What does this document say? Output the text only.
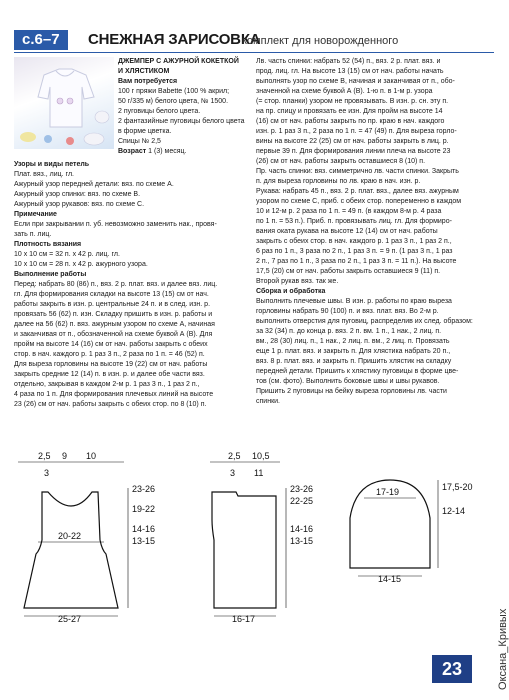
с.6–7	СНЕЖНАЯ ЗАРИСОВКА
комплект для новорожденного

ДЖЕМПЕР С АЖУРНОЙ КОКЕТКОЙ

И ХЛЯСТИКОМ

Вам потребуется

100 г пряжи Babette (100 % акрил;

50 г/335 м) белого цвета, № 1500.

2 пуговицы белого цвета.

2 фантазийные пуговицы белого цвета

в форме цветка.

Спицы № 2,5

Возраст 1 (3) месяц.

Узоры и виды петель

Плат. вяз., лиц. гл.

Ажурный узор передней детали: вяз. по схеме А.

Ажурный узор спинки: вяз. по схеме В.

Ажурный узор рукавов: вяз. по схеме С.

Примечание

Если при закрывании п. уб. невозможно заменить нак., провя-

зать п. лиц.

Плотность вязания

10 х 10 см = 32 п. х 42 р. лиц. гл.

10 х 10 см = 28 п. х 42 р. ажурного узора.

Выполнение работы

Перед: набрать 80 (86) п., вяз. 2 р. плат. вяз. и далее вяз. лиц.

гл. Для формирования складки на высоте 13 (15) см от нач.

работы закрыть в изн. р. центральные 24 п. и в след. изн. р.

провязать 56 (62) п. изн. Складку пришить в изн. р. работы и

далее на 56 (62) п. вяз. ажурным узором по схеме А, начиная

и заканчивая от п., обозначенной на схеме буквой А (В). Для

пройм на высоте 14 (16) см от нач. работы закрыть с обеих

стор. в нач. каждого р. 1 раз 3 п., 2 раза по 1 п. = 46 (52) п.

Для выреза горловины на высоте 19 (22) см от нач. работы

закрыть средние 12 (14) п. в изн. р. и далее обе части вяз.

отдельно, закрывая в каждом 2-м р. 1 раз 3 п., 1 раз 2 п.,

4 раза по 1 п. Для формирования плечевых линий на высоте

23 (26) см от нач. работы закрыть с обеих стор. по 8 (10) п.

Лв. часть спинки: набрать 52 (54) п., вяз. 2 р. плат. вяз. и

прод. лиц. гл. На высоте 13 (15) см от нач. работы начать

выполнять узор по схеме В, начиная и заканчивая от п., обо-

значенной на схеме буквой А (В). 1-ю п. в 1-м р. узора

(= стор. планки) узором не провязывать. В изн. р. сн. эту п.

на пр. спицу и провязать ее изн. Для пройм на высоте 14

(16) см от нач. работы закрыть по пр. краю в нач. каждого

изн. р. 1 раз 3 п., 2 раза по 1 п. = 47 (49) п. Для выреза горло-

вины на высоте 22 (25) см от нач. работы закрыть в лиц. р.

первые 39 п. Для формирования линии плеча на высоте 23

(26) см от нач. работы закрыть оставшиеся 8 (10) п.

Пр. часть спинки: вяз. симметрично лв. части спинки. Закрыть

п. для выреза горловины по лв. краю в нач. изн. р.

Рукава: набрать 45 п., вяз. 2 р. плат. вяз., далее вяз. ажурным

узором по схеме С, приб. с обеих стор. попеременно в каждом

10 и 12-м р. 2 раза по 1 п. = 49 п. (в каждом 8-м р. 4 раза

по 1 п. = 53 п.). Приб. п. провязывать лиц. гл. Для формиро-

вания оката рукава на высоте 12 (14) см от нач. работы

закрыть с обеих стор. в нач. каждого р. 1 раз 3 п., 1 раз 2 п.,

6 раз по 1 п., 3 раза по 2 п., 1 раз 3 п. = 9 п. (1 раз 3 п., 1 раз

2 п., 7 раз по 1 п., 3 раза по 2 п., 1 раз 3 п. = 11 п.). На высоте

17,5 (20) см от нач. работы закрыть оставшиеся 9 (11) п.

Второй рукав вяз. так же.

Сборка и обработка

Выполнить плечевые швы. В изн. р. работы по краю выреза

горловины набрать 90 (100) п. и вяз. плат. вяз. Во 2-м р.

выполнить отверстия для пуговиц, распределив их след. образом:

за 32 (34) п. до конца р. вяз. 2 п. вм. 1 п., 1 нак., 2 лиц. п.

вм., 28 (30) лиц. п., 1 нак., 2 лиц. п. вм., 2 лиц. п. Провязать

еще 1 р. плат. вяз. и закрыть п. Для хлястика набрать 20 п.,

вяз. 8 р. плат. вяз. и закрыть п. Пришить хлястик на складку

передней детали. Пришить к хлястику пуговицы в форме цве-

тов (см. фото). Выполнить боковые швы и швы рукавов.

Пришить 2 пуговицы на бейку выреза горловины лв. части

спинки.

2,5 9 10
3
20-22
25-27
23-26
19-22
14-16
13-15
2,5 10,5
3 11
16-17
23-26
22-25
14-16
13-15
17-19
14-15
17,5-20
12-14
23	Оксана_Кривых
